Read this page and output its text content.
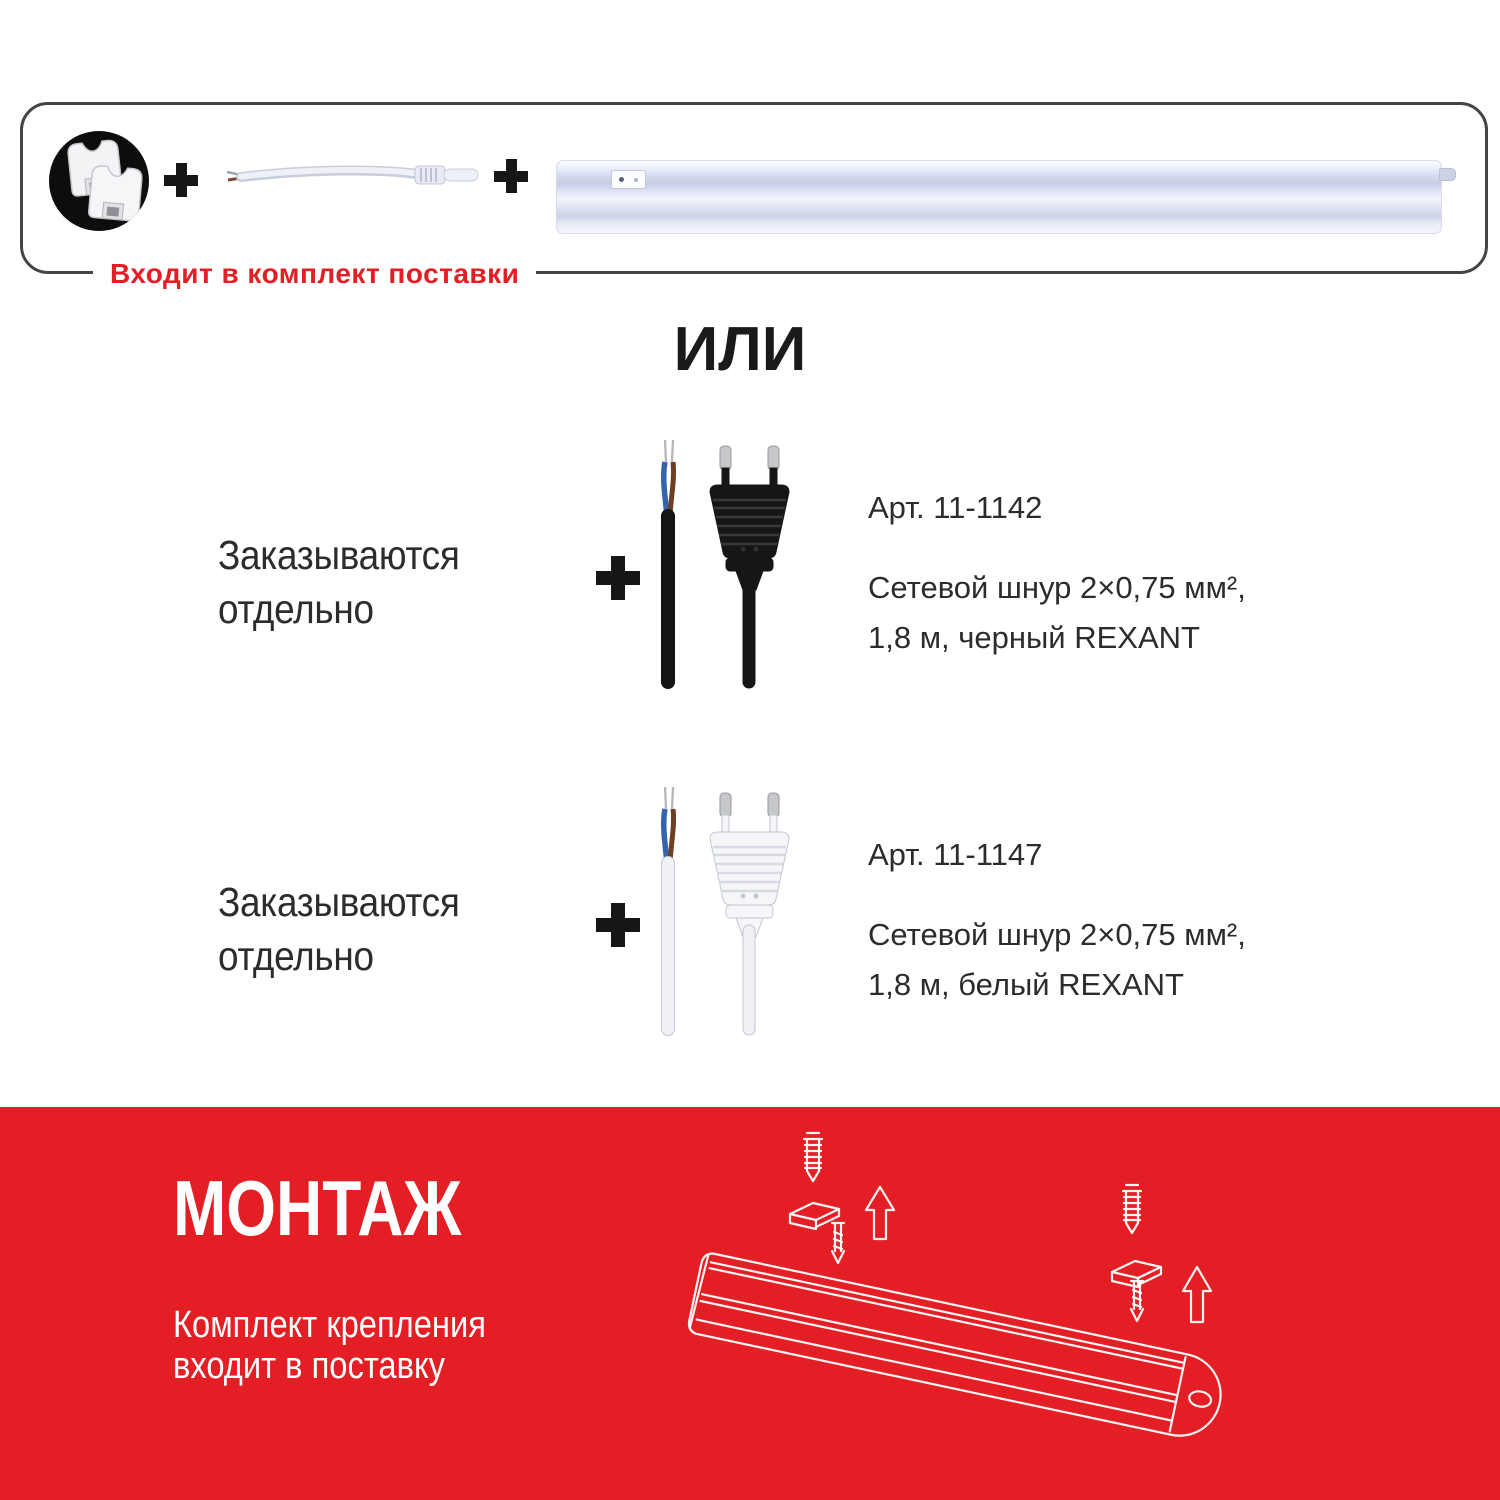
Входит в комплект поставки
ИЛИ
Заказываются
отдельно
Арт. 11-1142
Сетевой шнур 2×0,75 мм²,
1,8 м, черный REXANT
Заказываются
отдельно
Арт. 11-1147
Сетевой шнур 2×0,75 мм²,
1,8 м, белый REXANT
МОНТАЖ
Комплект крепления
входит в поставку
